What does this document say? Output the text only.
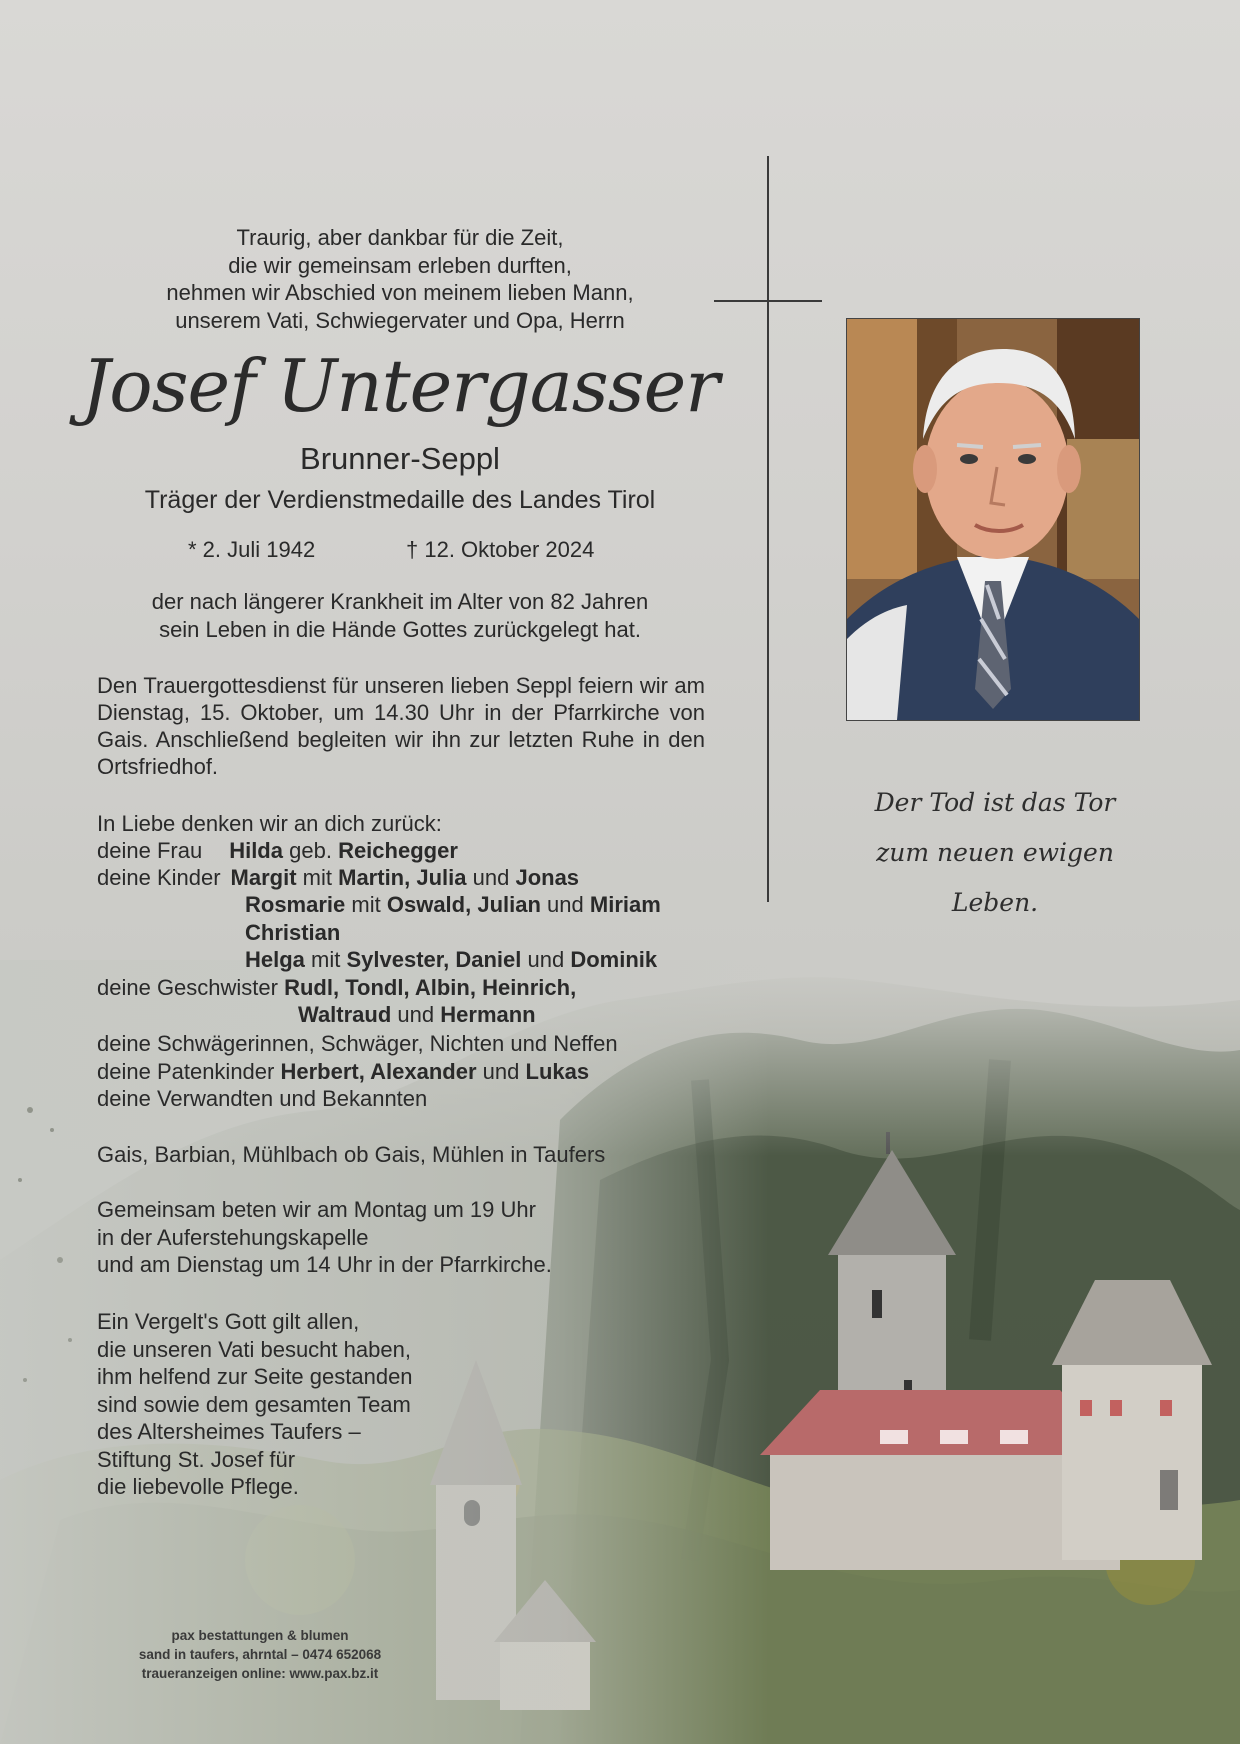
Traurig, aber dankbar für die Zeit,
die wir gemeinsam erleben durften,
nehmen wir Abschied von meinem lieben Mann,
unserem Vati, Schwiegervater und Opa, Herrn
Josef Untergasser
Brunner-Seppl
Träger der Verdienstmedaille des Landes Tirol
* 2. Juli 1942	† 12. Oktober 2024
der nach längerer Krankheit im Alter von 82 Jahren
sein Leben in die Hände Gottes zurückgelegt hat.
Den Trauergottesdienst für unseren lieben Seppl feiern wir am Dienstag, 15. Oktober, um 14.30 Uhr in der Pfarrkirche von Gais. Anschließend begleiten wir ihn zur letzten Ruhe in den Ortsfriedhof.
In Liebe denken wir an dich zurück:
deine Frau Hilda geb. Reichegger
deine Kinder Margit mit Martin, Julia und Jonas
Rosmarie mit Oswald, Julian und Miriam
Christian
Helga mit Sylvester, Daniel und Dominik
deine Geschwister Rudl, Tondl, Albin, Heinrich,
Waltraud und Hermann
deine Schwägerinnen, Schwäger, Nichten und Neffen
deine Patenkinder Herbert, Alexander und Lukas
deine Verwandten und Bekannten
Gais, Barbian, Mühlbach ob Gais, Mühlen in Taufers
Gemeinsam beten wir am Montag um 19 Uhr
in der Auferstehungskapelle
und am Dienstag um 14 Uhr in der Pfarrkirche.
Ein Vergelt's Gott gilt allen,
die unseren Vati besucht haben,
ihm helfend zur Seite gestanden
sind sowie dem gesamten Team
des Altersheimes Taufers –
Stiftung St. Josef für
die liebevolle Pflege.
Der Tod ist das Tor
zum neuen ewigen Leben.
pax bestattungen & blumen
sand in taufers, ahrntal – 0474 652068
traueranzeigen online: www.pax.bz.it
